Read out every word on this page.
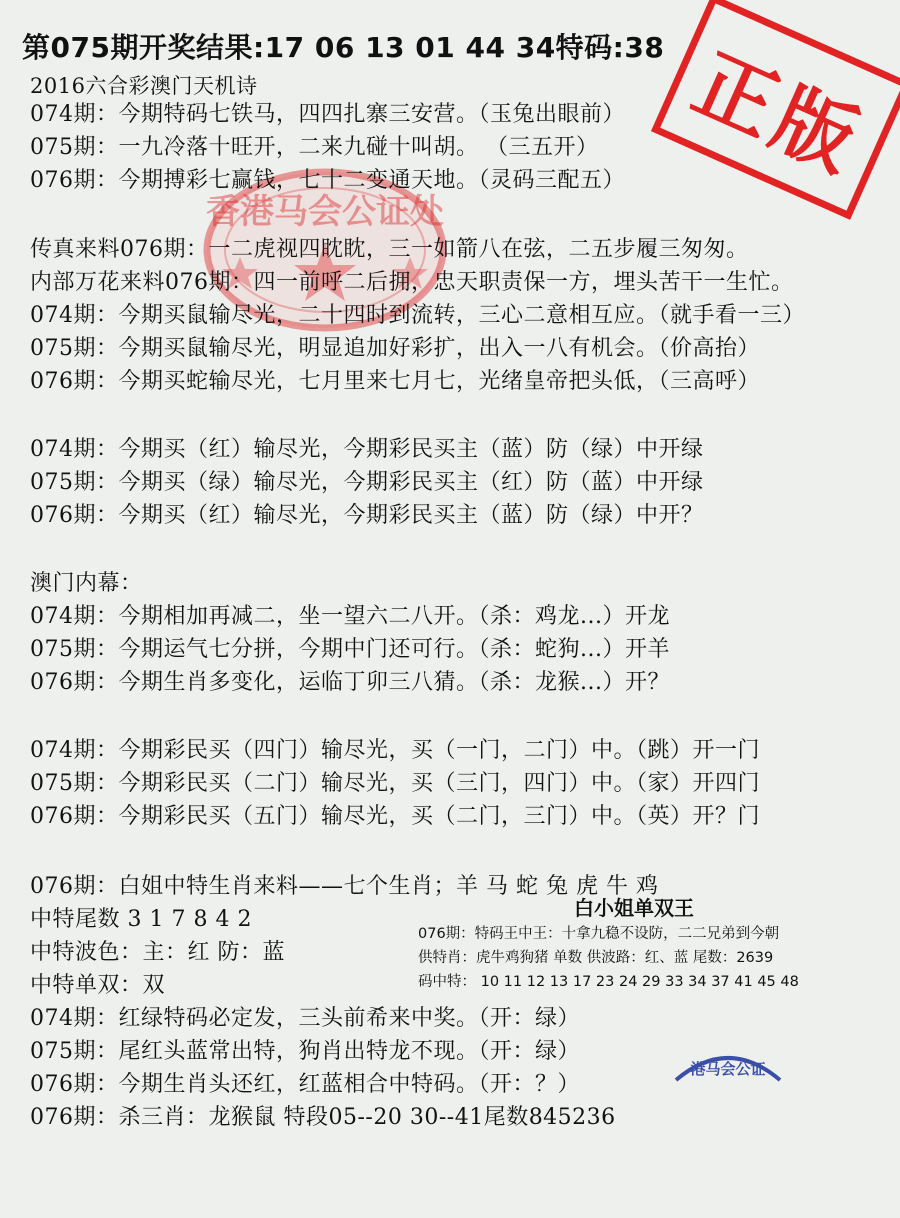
香港马会公证处
正版
第075期开奖结果:17 06 13 01 44 34特码:38
2016六合彩澳门天机诗
074期：今期特码七铁马，四四扎寨三安营。（玉兔出眼前）
075期：一九冷落十旺开，二来九碰十叫胡。 （三五开）
076期：今期搏彩七赢钱，七十二变通天地。（灵码三配五）
传真来料076期：一二虎视四眈眈，三一如箭八在弦，二五步履三匆匆。
内部万花来料076期：四一前呼二后拥，忠天职责保一方，埋头苦干一生忙。
074期：今期买鼠输尽光，二十四时到流转，三心二意相互应。（就手看一三）
075期：今期买鼠输尽光，明显追加好彩扩，出入一八有机会。（价高抬）
076期：今期买蛇输尽光，七月里来七月七，光绪皇帝把头低，（三高呼）
074期：今期买（红）输尽光，今期彩民买主（蓝）防（绿）中开绿
075期：今期买（绿）输尽光，今期彩民买主（红）防（蓝）中开绿
076期：今期买（红）输尽光，今期彩民买主（蓝）防（绿）中开？
澳门内幕：
074期：今期相加再减二，坐一望六二八开。（杀：鸡龙...）开龙
075期：今期运气七分拼，今期中门还可行。（杀：蛇狗...）开羊
076期：今期生肖多变化，运临丁卯三八猜。（杀：龙猴...）开？
074期：今期彩民买（四门）输尽光，买（一门，二门）中。（跳）开一门
075期：今期彩民买（二门）输尽光，买（三门，四门）中。（家）开四门
076期：今期彩民买（五门）输尽光，买（二门，三门）中。（英）开？门
076期：白姐中特生肖来料——七个生肖；羊 马 蛇 兔 虎 牛 鸡
中特尾数 3 1 7 8 4 2
中特波色：主：红 防：蓝
中特单双：双
074期：红绿特码必定发，三头前希来中奖。（开：绿）
075期：尾红头蓝常出特，狗肖出特龙不现。（开：绿）
076期：今期生肖头还红，红蓝相合中特码。（开：？）
076期：杀三肖：龙猴鼠 特段05--20 30--41尾数845236
白小姐单双王
076期：特码王中王：十拿九稳不设防，二二兄弟到今朝
供特肖：虎牛鸡狗猪 单数 供波路：红、蓝 尾数：2639
码中特： 10 11 12 13 17 23 24 29 33 34 37 41 45 48
港马会公证
